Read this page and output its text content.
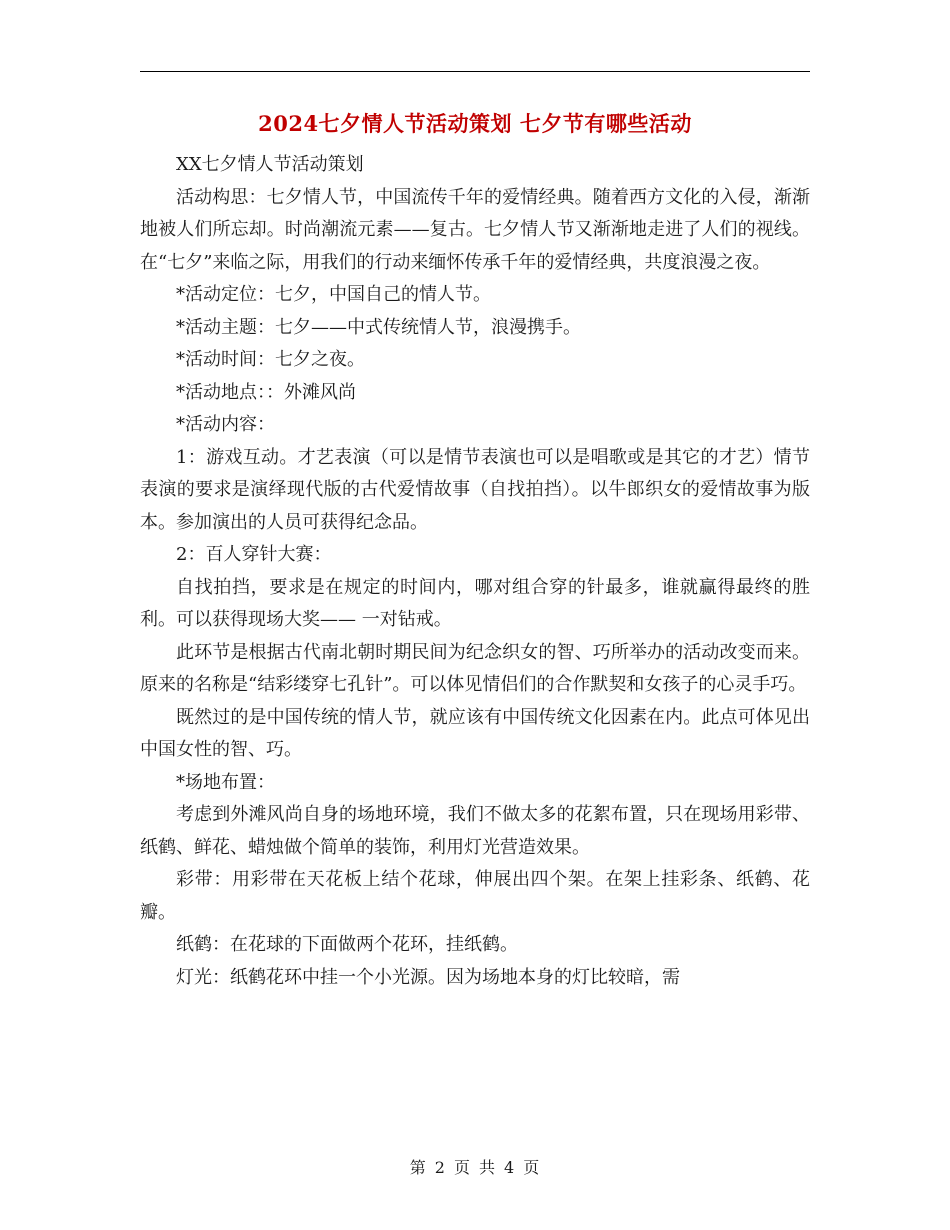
2024七夕情人节活动策划 七夕节有哪些活动

XX七夕情人节活动策划

活动构思：七夕情人节，中国流传千年的爱情经典。随着西方文化的入侵，渐渐地被人们所忘却。时尚潮流元素——复古。七夕情人节又渐渐地走进了人们的视线。在“七夕”来临之际，用我们的行动来缅怀传承千年的爱情经典，共度浪漫之夜。

*活动定位：七夕，中国自己的情人节。

*活动主题：七夕——中式传统情人节，浪漫携手。

*活动时间：七夕之夜。

*活动地点：：外滩风尚

*活动内容：

1：游戏互动。才艺表演（可以是情节表演也可以是唱歌或是其它的才艺）情节表演的要求是演绎现代版的古代爱情故事（自找拍挡）。以牛郎织女的爱情故事为版本。参加演出的人员可获得纪念品。

2：百人穿针大赛：

自找拍挡，要求是在规定的时间内，哪对组合穿的针最多，谁就赢得最终的胜利。可以获得现场大奖—— 一对钻戒。

此环节是根据古代南北朝时期民间为纪念织女的智、巧所举办的活动改变而来。原来的名称是“结彩缕穿七孔针”。可以体见情侣们的合作默契和女孩子的心灵手巧。

既然过的是中国传统的情人节，就应该有中国传统文化因素在内。此点可体见出中国女性的智、巧。

*场地布置：

考虑到外滩风尚自身的场地环境，我们不做太多的花絮布置，只在现场用彩带、纸鹤、鲜花、蜡烛做个简单的装饰，利用灯光营造效果。

彩带：用彩带在天花板上结个花球，伸展出四个架。在架上挂彩条、纸鹤、花瓣。

纸鹤：在花球的下面做两个花环，挂纸鹤。

灯光：纸鹤花环中挂一个小光源。因为场地本身的灯比较暗，需

第 2 页 共 4 页
